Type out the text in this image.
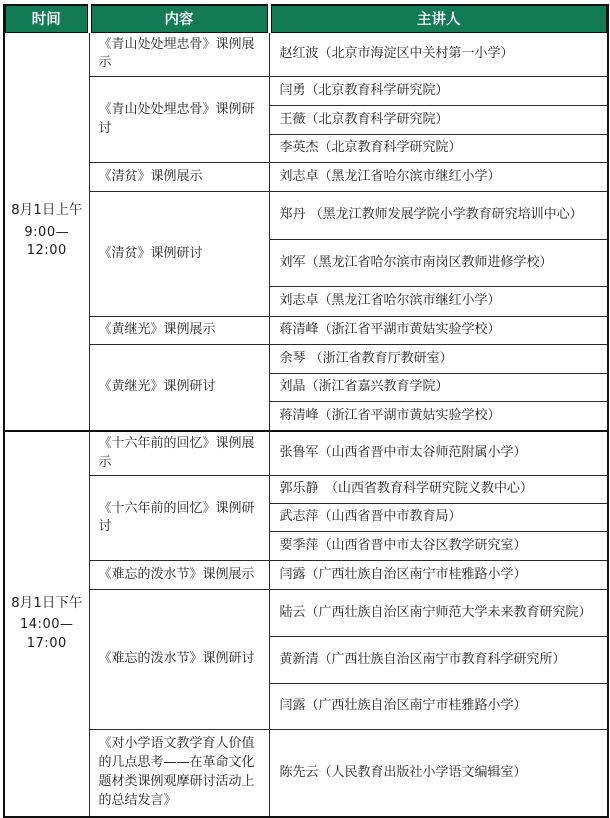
时间	内容	主讲人

8月1日上午
9:00—12:00	《青山处处埋忠骨》课例展示	赵红波（北京市海淀区中关村第一小学）
	《青山处处埋忠骨》课例研讨	闫勇（北京教育科学研究院）
		王薇（北京教育科学研究院）
		李英杰（北京教育科学研究院）
	《清贫》课例展示	刘志卓（黑龙江省哈尔滨市继红小学）
	《清贫》课例研讨	郑丹 （黑龙江教师发展学院小学教育研究培训中心）
		刘军（黑龙江省哈尔滨市南岗区教师进修学校）
		刘志卓（黑龙江省哈尔滨市继红小学）
	《黄继光》课例展示	蒋清峰（浙江省平湖市黄姑实验学校）
	《黄继光》课例研讨	余琴 （浙江省教育厅教研室）
		刘晶（浙江省嘉兴教育学院）
		蒋清峰（浙江省平湖市黄姑实验学校）

8月1日下午
14:00—17:00	《十六年前的回忆》课例展示	张鲁军（山西省晋中市太谷师范附属小学）
	《十六年前的回忆》课例研讨	郭乐静　（山西省教育科学研究院义教中心）
		武志萍（山西省晋中市教育局）
		要季萍（山西省晋中市太谷区教学研究室）
	《难忘的泼水节》课例展示	闫露（广西壮族自治区南宁市桂雅路小学）
	《难忘的泼水节》课例研讨	陆云（广西壮族自治区南宁师范大学未来教育研究院）
		黄新清（广西壮族自治区南宁市教育科学研究所）
		闫露（广西壮族自治区南宁市桂雅路小学）
	《对小学语文教学育人价值的几点思考——在革命文化题材类课例观摩研讨活动上的总结发言》	陈先云（人民教育出版社小学语文编辑室）
